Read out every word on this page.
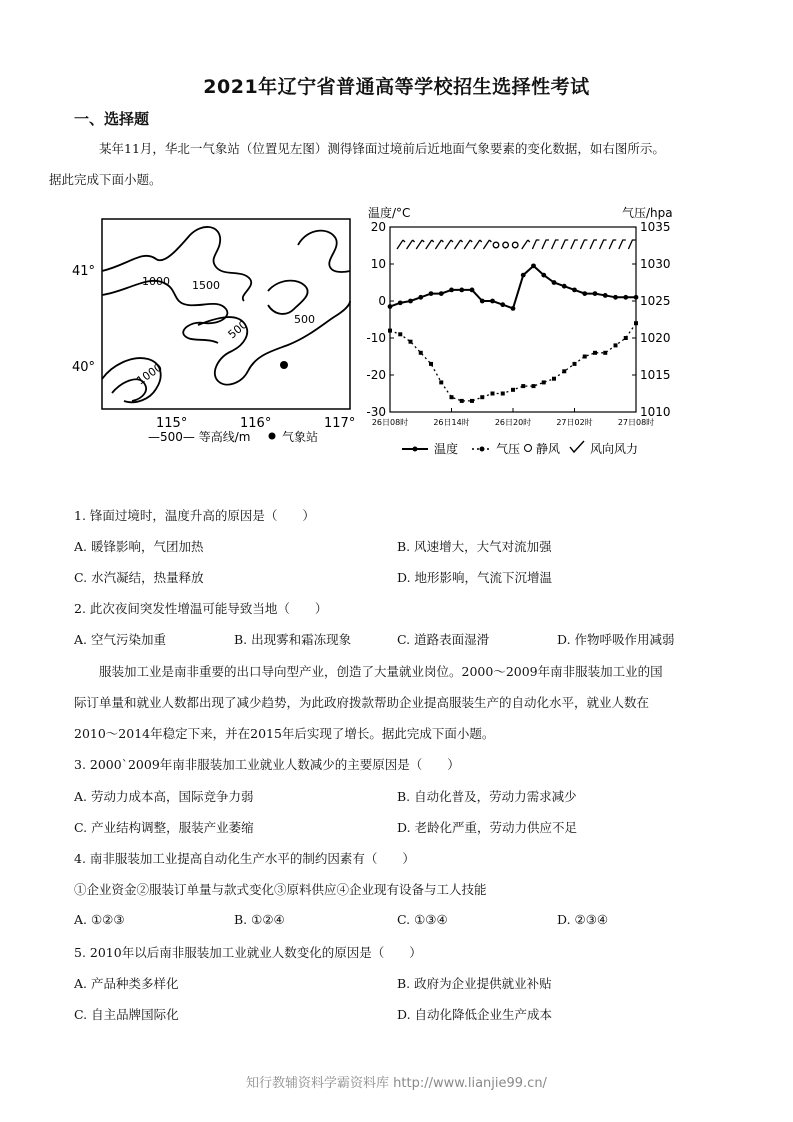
2021年辽宁省普通高等学校招生选择性考试
一、选择题
某年11月，华北一气象站（位置见左图）测得锋面过境前后近地面气象要素的变化数据，如右图所示。
据此完成下面小题。
1000 1500
500	500
1000
41°
40°
115°	116°	117°
—500— 等高线/m	气象站
温度/°C	气压/hpa
20
10
0
-10
-20
-30
1035
1030
1025
1020
1015
1010
26日08时	26日14时	26日20时	27日02时	27日08时
温度	气压 静风 风向风力
1. 锋面过境时，温度升高的原因是（　　）
A. 暖锋影响，气团加热	B. 风速增大，大气对流加强
C. 水汽凝结，热量释放	D. 地形影响，气流下沉增温
2. 此次夜间突发性增温可能导致当地（　　）
A. 空气污染加重	B. 出现雾和霜冻现象	C. 道路表面湿滑	D. 作物呼吸作用减弱
服装加工业是南非重要的出口导向型产业，创造了大量就业岗位。2000～2009年南非服装加工业的国
际订单量和就业人数都出现了减少趋势，为此政府拨款帮助企业提高服装生产的自动化水平，就业人数在
2010～2014年稳定下来，并在2015年后实现了增长。据此完成下面小题。
3. 2000`2009年南非服装加工业就业人数减少的主要原因是（　　）
A. 劳动力成本高，国际竞争力弱	B. 自动化普及，劳动力需求减少
C. 产业结构调整，服装产业萎缩	D. 老龄化严重，劳动力供应不足
4. 南非服装加工业提高自动化生产水平的制约因素有（　　）
①企业资金②服装订单量与款式变化③原料供应④企业现有设备与工人技能
A. ①②③	B. ①②④	C. ①③④	D. ②③④
5. 2010年以后南非服装加工业就业人数变化的原因是（　　）
A. 产品种类多样化	B. 政府为企业提供就业补贴
C. 自主品牌国际化	D. 自动化降低企业生产成本
知行教辅资料学霸资料库 http://www.lianjie99.cn/
